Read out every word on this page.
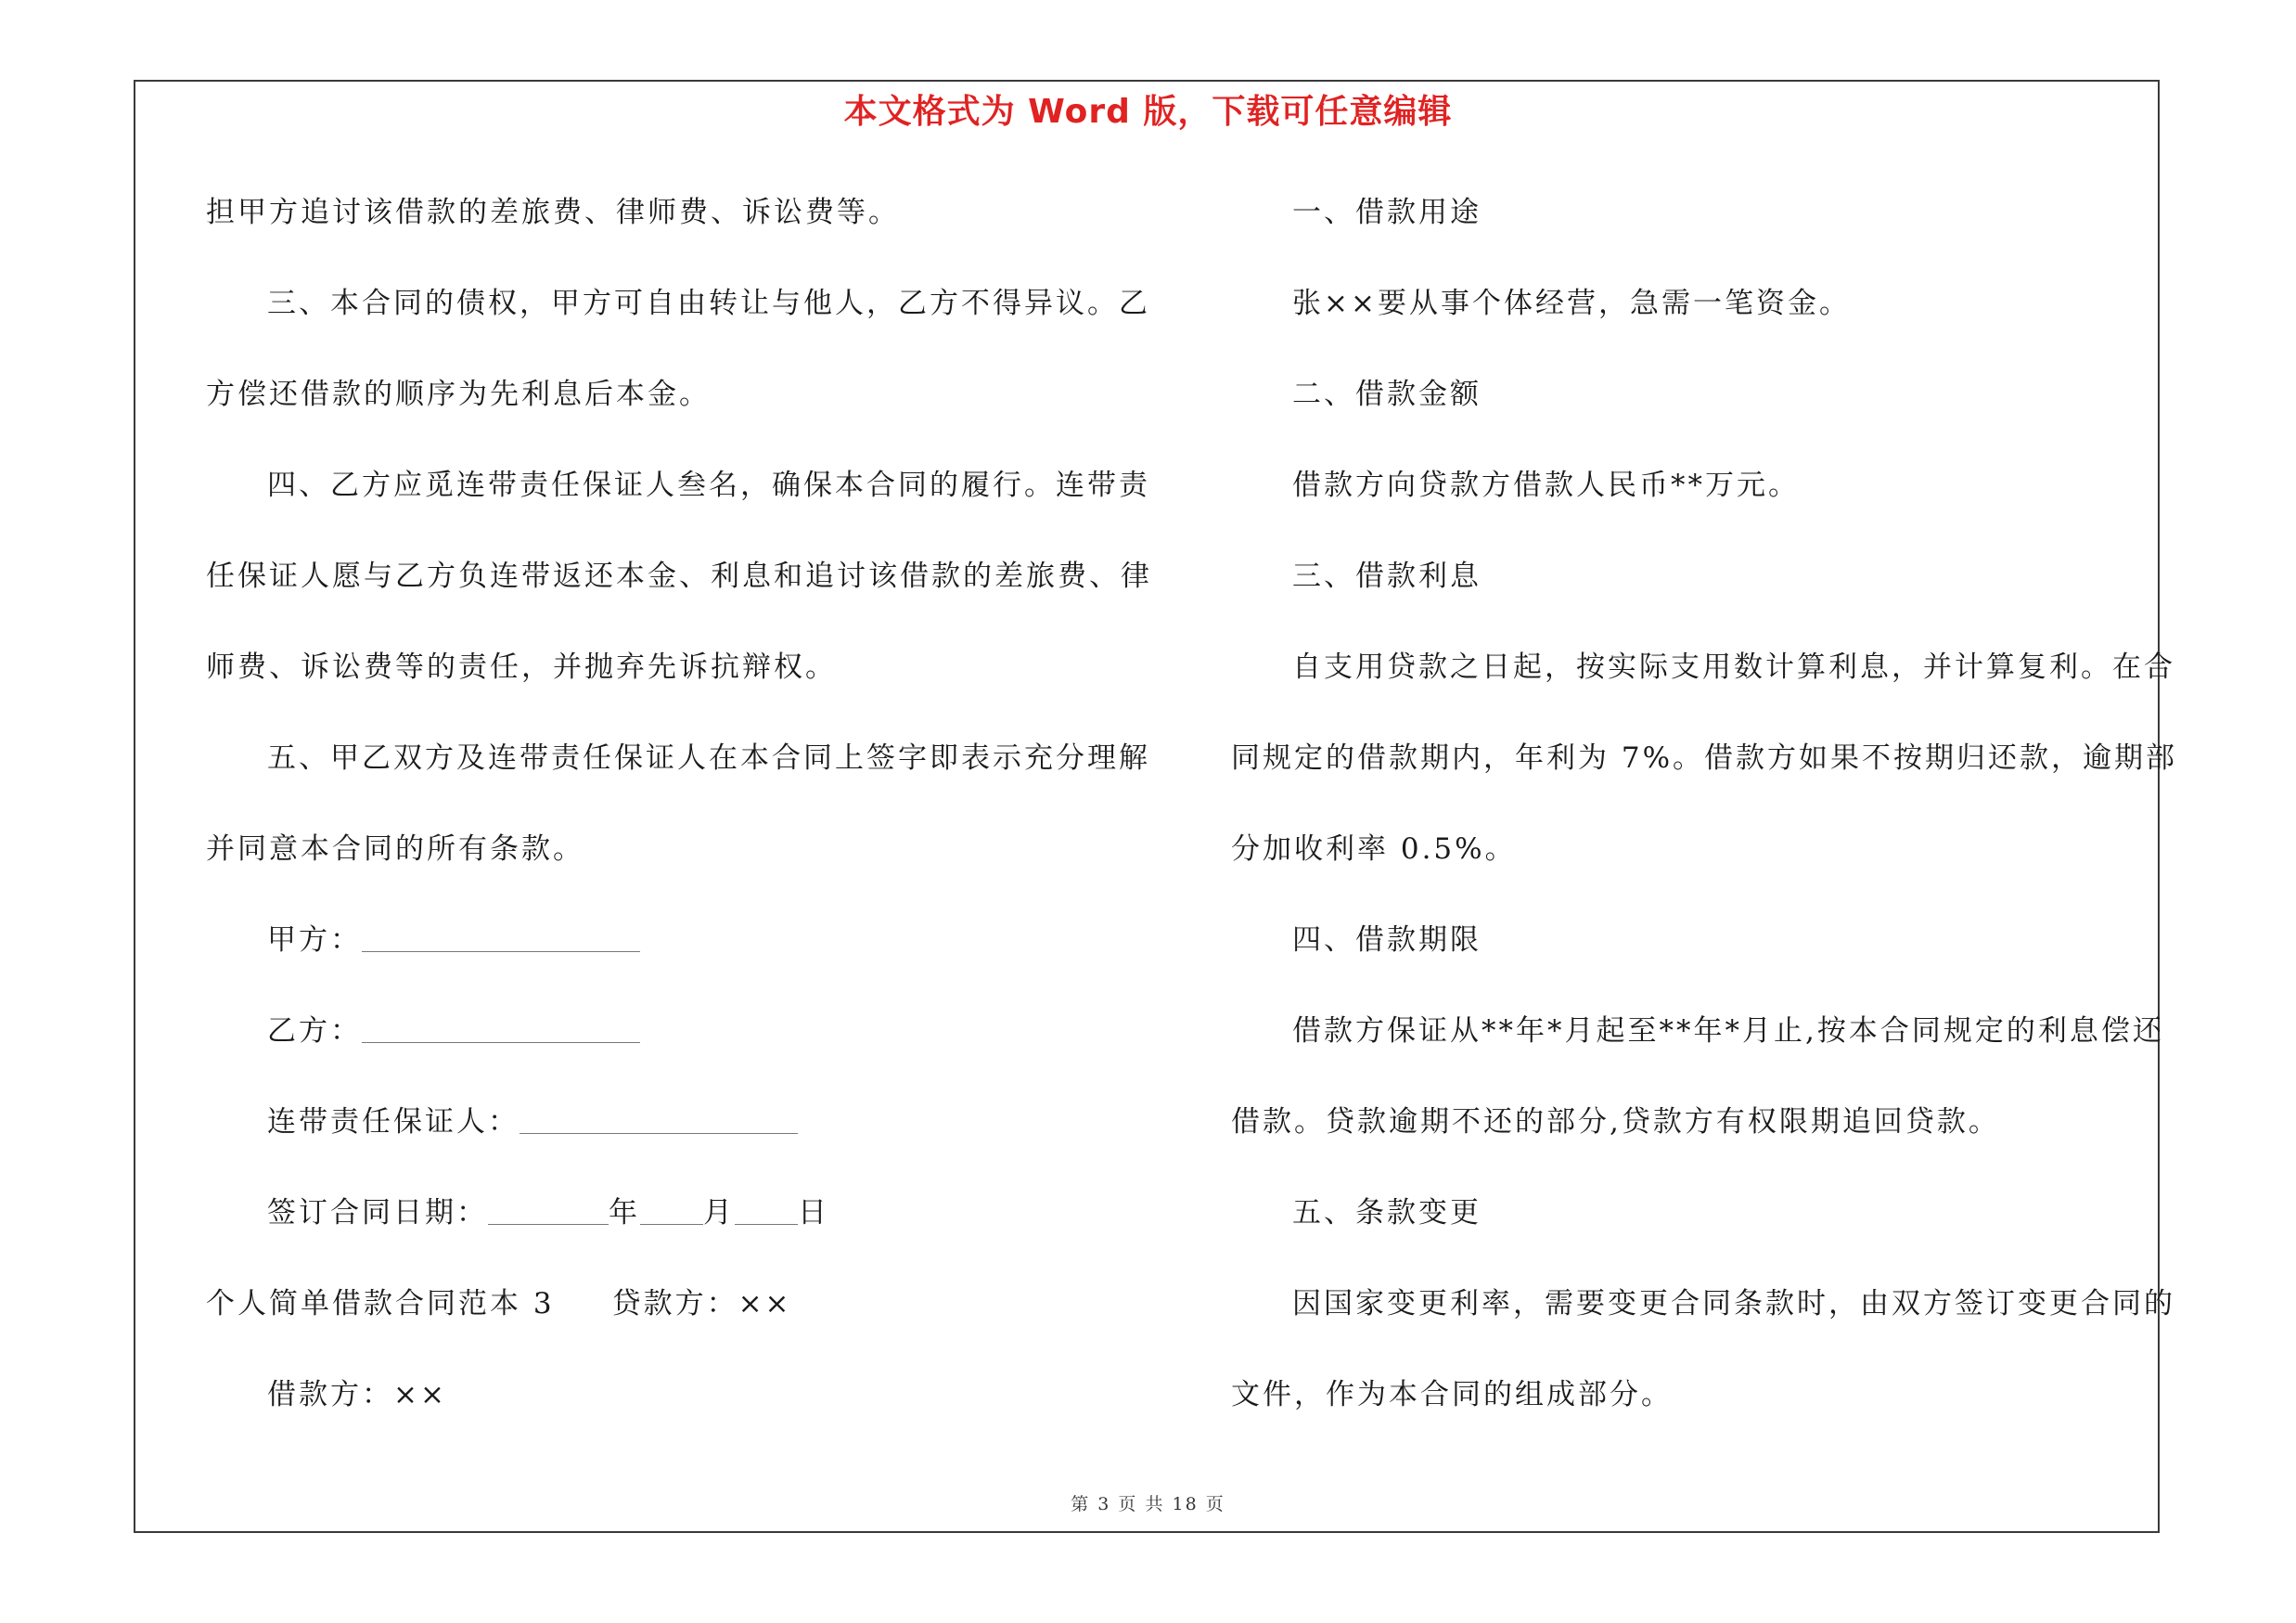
本文格式为 Word 版，下载可任意编辑
担甲方追讨该借款的差旅费、律师费、诉讼费等。
三、本合同的债权，甲方可自由转让与他人，乙方不得异议。乙
方偿还借款的顺序为先利息后本金。
四、乙方应觅连带责任保证人叁名，确保本合同的履行。连带责
任保证人愿与乙方负连带返还本金、利息和追讨该借款的差旅费、律
师费、诉讼费等的责任，并抛弃先诉抗辩权。
五、甲乙双方及连带责任保证人在本合同上签字即表示充分理解
并同意本合同的所有条款。
甲方：
乙方：
连带责任保证人：
签订合同日期：	年 月 日
个人简单借款合同范本 3 贷款方：××
借款方：××
一、借款用途
张××要从事个体经营，急需一笔资金。
二、借款金额
借款方向贷款方借款人民币**万元。
三、借款利息
自支用贷款之日起，按实际支用数计算利息，并计算复利。在合
同规定的借款期内，年利为 7%。借款方如果不按期归还款，逾期部
分加收利率 0.5%。
四、借款期限
借款方保证从**年*月起至**年*月止,按本合同规定的利息偿还
借款。贷款逾期不还的部分,贷款方有权限期追回贷款。
五、条款变更
因国家变更利率，需要变更合同条款时，由双方签订变更合同的
文件，作为本合同的组成部分。
第 3 页 共 18 页
